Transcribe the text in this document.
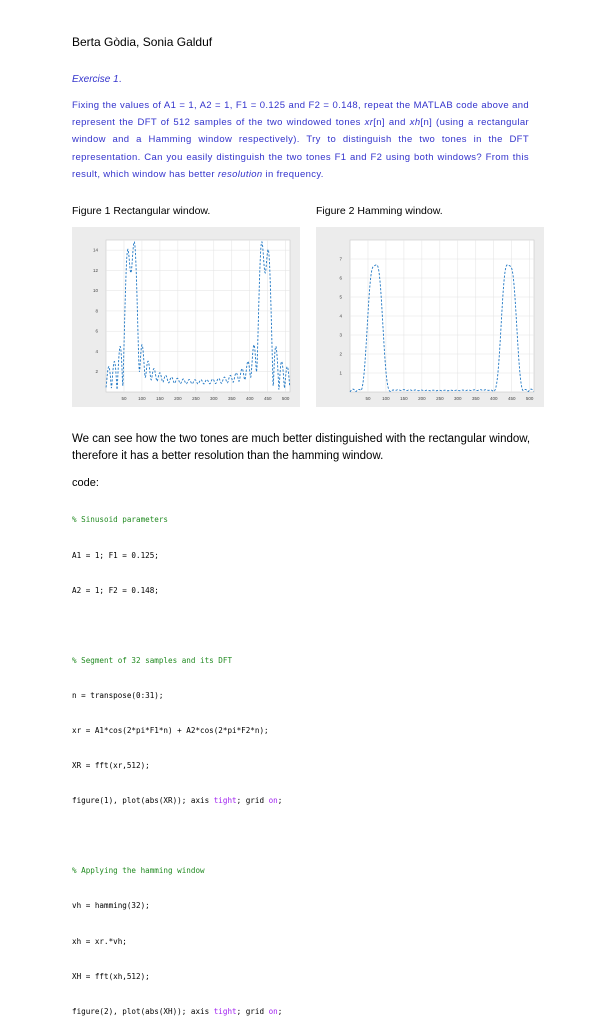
Berta Gòdia, Sonia Galduf
Exercise 1.
Fixing the values of A1 = 1, A2 = 1, F1 = 0.125 and F2 = 0.148, repeat the MATLAB code above and represent the DFT of 512 samples of the two windowed tones xr[n] and xh[n] (using a rectangular window and a Hamming window respectively). Try to distinguish the two tones in the DFT representation. Can you easily distinguish the two tones F1 and F2 using both windows? From this result, which window has better resolution in frequency.
Figure 1 Rectangular window.	Figure 2 Hamming window.
50	100 150 200 250 300 350 400 450 500
2
4
6
8
10
12
14
50	100 150 200 250 300 350 400 450 500
1
2
3
4
5
6
7
We can see how the two tones are much better distinguished with the rectangular window,
therefore it has a better resolution than the hamming window.
code:

% Sinusoid parameters

A1 = 1; F1 = 0.125;

A2 = 1; F2 = 0.148;

% Segment of 32 samples and its DFT

n = transpose(0:31);

xr = A1*cos(2*pi*F1*n) + A2*cos(2*pi*F2*n);

XR = fft(xr,512);

figure(1), plot(abs(XR)); axis tight; grid on;

% Applying the hamming window

vh = hamming(32);

xh = xr.*vh;

XH = fft(xh,512);

figure(2), plot(abs(XH)); axis tight; grid on;
